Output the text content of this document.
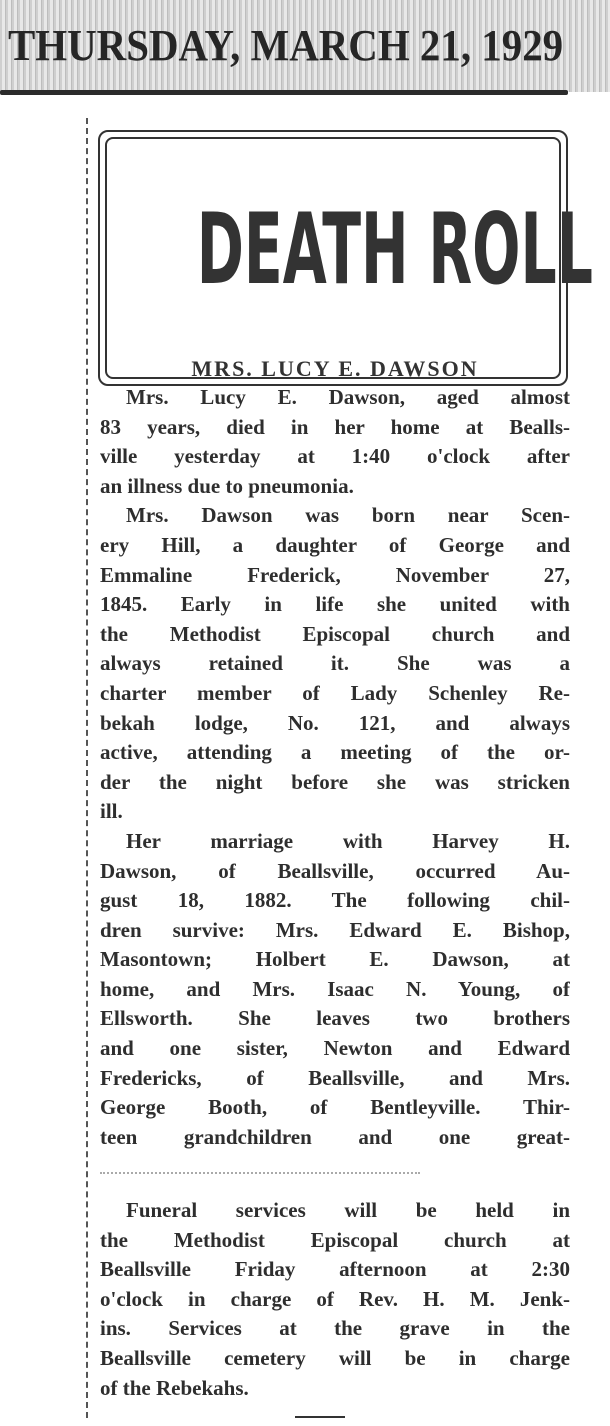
THURSDAY, MARCH 21, 1929
DEATH ROLL
MRS. LUCY E. DAWSON
Mrs. Lucy E. Dawson, aged almost
83 years, died in her home at Bealls-
ville yesterday at 1:40 o'clock after
an illness due to pneumonia.
Mrs. Dawson was born near Scen-
ery Hill, a daughter of George and
Emmaline Frederick, November 27,
1845. Early in life she united with
the Methodist Episcopal church and
always retained it. She was a
charter member of Lady Schenley Re-
bekah lodge, No. 121, and always
active, attending a meeting of the or-
der the night before she was stricken
ill.
Her marriage with Harvey H.
Dawson, of Beallsville, occurred Au-
gust 18, 1882. The following chil-
dren survive: Mrs. Edward E. Bishop,
Masontown; Holbert E. Dawson, at
home, and Mrs. Isaac N. Young, of
Ellsworth. She leaves two brothers
and one sister, Newton and Edward
Fredericks, of Beallsville, and Mrs.
George Booth, of Bentleyville. Thir-
teen grandchildren and one great-
Funeral services will be held in
the Methodist Episcopal church at
Beallsville Friday afternoon at 2:30
o'clock in charge of Rev. H. M. Jenk-
ins. Services at the grave in the
Beallsville cemetery will be in charge
of the Rebekahs.
